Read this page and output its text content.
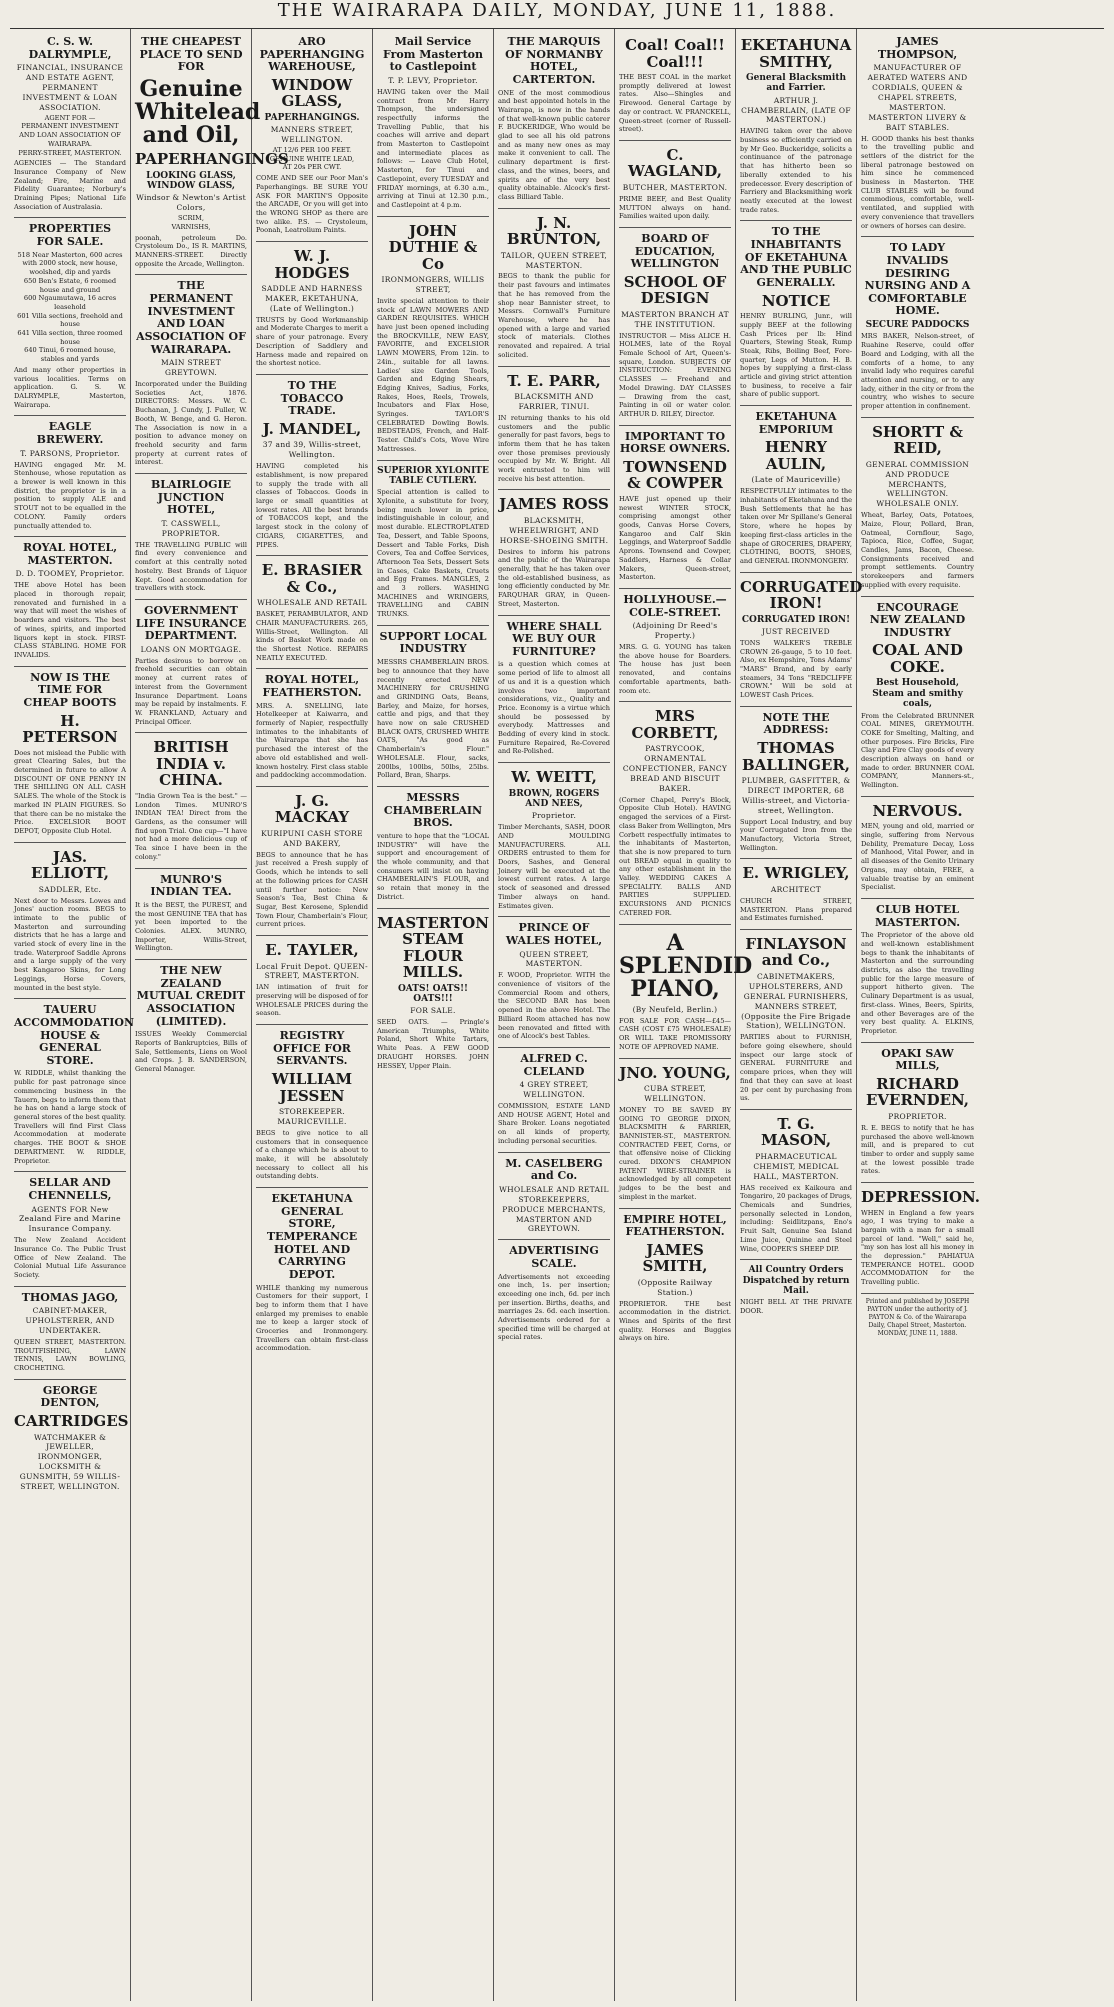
THE WAIRARAPA DAILY, MONDAY, JUNE 11, 1888.
C. S. W. DALRYMPLE,
FINANCIAL, INSURANCE AND ESTATE AGENT, PERMANENT INVESTMENT & LOAN ASSOCIATION.
AGENT FOR —
PERMANENT INVESTMENT AND LOAN ASSOCIATION OF WAIRARAPA.
PERRY-STREET, MASTERTON.
AGENCIES — The Standard Insurance Company of New Zealand; Fire, Marine and Fidelity Guarantee; Norbury's Draining Pipes; National Life Association of Australasia.
PROPERTIES FOR SALE.
518 Near Masterton, 600 acres with 2000 stock, new house, woolshed, dip and yards
650 Ben's Estate, 6 roomed house and ground
600 Ngaumutawa, 16 acres leasehold
601 Villa sections, freehold and house
641 Villa section, three roomed house
640 Tinui, 6 roomed house, stables and yards
And many other properties in various localities. Terms on application. G. S. W. DALRYMPLE, Masterton, Wairarapa.
EAGLE BREWERY.
T. PARSONS, Proprietor.
HAVING engaged Mr. M. Stenhouse, whose reputation as a brewer is well known in this district, the proprietor is in a position to supply ALE and STOUT not to be equalled in the COLONY. Family orders punctually attended to.
ROYAL HOTEL, MASTERTON.
D. D. TOOMEY, Proprietor.
THE above Hotel has been placed in thorough repair, renovated and furnished in a way that will meet the wishes of boarders and visitors. The best of wines, spirits, and imported liquors kept in stock. FIRST-CLASS STABLING. HOME FOR INVALIDS.
NOW IS THE TIME FOR CHEAP BOOTS
H. PETERSON
Does not mislead the Public with great Clearing Sales, but the determined in future to allow A DISCOUNT OF ONE PENNY IN THE SHILLING ON ALL CASH SALES. The whole of the Stock is marked IN PLAIN FIGURES. So that there can be no mistake the Price. EXCELSIOR BOOT DEPOT, Opposite Club Hotel.
JAS. ELLIOTT,
SADDLER, Etc.
Next door to Messrs. Lowes and Jones' auction rooms. BEGS to intimate to the public of Masterton and surrounding districts that he has a large and varied stock of every line in the trade. Waterproof Saddle Aprons and a large supply of the very best Kangaroo Skins, for Long Leggings, Horse Covers, mounted in the best style.
TAUERU ACCOMMODATION HOUSE & GENERAL STORE.
W. RIDDLE, whilst thanking the public for past patronage since commencing business in the Tauern, begs to inform them that he has on hand a large stock of general stores of the best quality. Travellers will find First Class Accommodation at moderate charges. THE BOOT & SHOE DEPARTMENT. W. RIDDLE, Proprietor.
SELLAR AND CHENNELLS,
AGENTS FOR New Zealand Fire and Marine Insurance Company.
The New Zealand Accident Insurance Co. The Public Trust Office of New Zealand. The Colonial Mutual Life Assurance Society.
THOMAS JAGO,
CABINET-MAKER, UPHOLSTERER, AND UNDERTAKER.
QUEEN STREET, MASTERTON. TROUTFISHING, LAWN TENNIS, LAWN BOWLING, CROCHETING.
GEORGE DENTON,
CARTRIDGES
WATCHMAKER & JEWELLER, IRONMONGER, LOCKSMITH & GUNSMITH, 59 WILLIS-STREET, WELLINGTON.
THE CHEAPEST PLACE TO SEND FOR
Genuine Whitelead and Oil,
PAPERHANGINGS
LOOKING GLASS, WINDOW GLASS,
Windsor & Newton's Artist Colors,
SCRIM,
VARNISHS,
poonah, petroleum Do. Crystoleum Do., IS R. MARTINS, MANNERS-STREET. Directly opposite the Arcade, Wellington.
THE PERMANENT INVESTMENT AND LOAN ASSOCIATION OF WAIRARAPA.
MAIN STREET GREYTOWN.
Incorporated under the Building Societies Act, 1876. DIRECTORS: Messrs. W. C. Buchanan, J. Cundy, J. Fuller, W. Booth, W. Benge, and G. Heron. The Association is now in a position to advance money on freehold security and farm property at current rates of interest.
BLAIRLOGIE JUNCTION HOTEL,
T. CASSWELL, PROPRIETOR.
THE TRAVELLING PUBLIC will find every convenience and comfort at this centrally noted hostelry. Best Brands of Liquor Kept. Good accommodation for travellers with stock.
GOVERNMENT LIFE INSURANCE DEPARTMENT.
LOANS ON MORTGAGE.
Parties desirous to borrow on freehold securities can obtain money at current rates of interest from the Government Insurance Department. Loans may be repaid by instalments. F. W. FRANKLAND, Actuary and Principal Officer.
BRITISH INDIA v. CHINA.
"India Grown Tea is the best." — London Times. MUNRO'S INDIAN TEA! Direct from the Gardens, as the consumer will find upon Trial. One cup—"I have not had a more delicious cup of Tea since I have been in the colony."
MUNRO'S INDIAN TEA.
It is the BEST, the PUREST, and the most GENUINE TEA that has yet been imported to the Colonies. ALEX. MUNRO, Importer, Willis-Street, Wellington.
THE NEW ZEALAND MUTUAL CREDIT ASSOCIATION (LIMITED).
ISSUES Weekly Commercial Reports of Bankruptcies, Bills of Sale, Settlements, Liens on Wool and Crops. J. B. SANDERSON, General Manager.
ARO PAPERHANGING WAREHOUSE,
WINDOW GLASS,
PAPERHANGINGS.
MANNERS STREET, WELLINGTON.
AT 12/6 PER 100 FEET.
GENUINE WHITE LEAD,
AT 20s PER CWT.
COME AND SEE our Poor Man's Paperhangings. BE SURE YOU ASK FOR MARTIN'S Opposite the ARCADE, Or you will get into the WRONG SHOP as there are two alike. P.S. — Crystoleum, Poonah, Leatrolium Paints.
W. J. HODGES
SADDLE AND HARNESS MAKER, EKETAHUNA, (Late of Wellington.)
TRUSTS by Good Workmanship and Moderate Charges to merit a share of your patronage. Every Description of Saddlery and Harness made and repaired on the shortest notice.
TO THE TOBACCO TRADE.
J. MANDEL,
37 and 39, Willis-street, Wellington.
HAVING completed his establishment, is now prepared to supply the trade with all classes of Tobaccos. Goods in large or small quantities at lowest rates. All the best brands of TOBACCOS kept, and the largest stock in the colony of CIGARS, CIGARETTES, and PIPES.
E. BRASIER & Co.,
WHOLESALE AND RETAIL
BASKET, PERAMBULATOR, AND CHAIR MANUFACTURERS. 265, Willis-Street, Wellington. All kinds of Basket Work made on the Shortest Notice. REPAIRS NEATLY EXECUTED.
ROYAL HOTEL, FEATHERSTON.
MRS. A. SNELLING, late Hotelkeeper at Kaiwarra, and formerly of Napier, respectfully intimates to the inhabitants of the Wairarapa that she has purchased the interest of the above old established and well-known hostelry. First class stable and paddocking accommodation.
J. G. MACKAY
KURIPUNI CASH STORE AND BAKERY,
BEGS to announce that he has just received a Fresh supply of Goods, which he intends to sell at the following prices for CASH until further notice: New Season's Tea, Best China & Sugar, Best Kerosene, Splendid Town Flour, Chamberlain's Flour, current prices.
E. TAYLER,
Local Fruit Depot. QUEEN-STREET, MASTERTON.
IAN intimation of fruit for preserving will be disposed of for WHOLESALE PRICES during the season.
REGISTRY OFFICE FOR SERVANTS.
WILLIAM JESSEN
STOREKEEPER. MAURICEVILLE.
BEGS to give notice to all customers that in consequence of a change which he is about to make, it will be absolutely necessary to collect all his outstanding debts.
EKETAHUNA GENERAL STORE, TEMPERANCE HOTEL AND CARRYING DEPOT.
WHILE thanking my numerous Customers for their support, I beg to inform them that I have enlarged my premises to enable me to keep a larger stock of Groceries and Ironmongery. Travellers can obtain first-class accommodation.
Mail Service From Masterton to Castlepoint
T. P. LEVY, Proprietor.
HAVING taken over the Mail contract from Mr Harry Thompson, the undersigned respectfully informs the Travelling Public, that his coaches will arrive and depart from Masterton to Castlepoint and intermediate places as follows: — Leave Club Hotel, Masterton, for Tinui and Castlepoint, every TUESDAY and FRIDAY mornings, at 6.30 a.m., arriving at Tinui at 12.30 p.m., and Castlepoint at 4 p.m.
JOHN DUTHIE & Co
IRONMONGERS, WILLIS STREET,
Invite special attention to their stock of LAWN MOWERS AND GARDEN REQUISITES. WHICH have just been opened including the BROCKVILLE, NEW EASY, FAVORITE, and EXCELSIOR LAWN MOWERS, From 12in. to 24in., suitable for all lawns. Ladies' size Garden Tools, Garden and Edging Shears, Edging Knives, Sadius, Forks, Rakes, Hoes, Reels, Trowels, Incubators and Flax Hose, Syringes. TAYLOR'S CELEBRATED Dowling Bowls. BEDSTEADS, French, and Half-Tester. Child's Cots, Wove Wire Mattresses.
SUPERIOR XYLONITE TABLE CUTLERY.
Special attention is called to Xylonite, a substitute for Ivory, being much lower in price, indistinguishable in colour, and most durable. ELECTROPLATED Tea, Dessert, and Table Spoons, Dessert and Table Forks, Dish Covers, Tea and Coffee Services, Afternoon Tea Sets, Dessert Sets in Cases, Cake Baskets, Cruets and Egg Frames. MANGLES, 2 and 3 rollers. WASHING MACHINES and WRINGERS, TRAVELLING and CABIN TRUNKS.
SUPPORT LOCAL INDUSTRY
MESSRS CHAMBERLAIN BROS. beg to announce that they have recently erected NEW MACHINERY for CRUSHING and GRINDING Oats, Beans, Barley, and Maize, for horses, cattle and pigs, and that they have now on sale CRUSHED BLACK OATS, CRUSHED WHITE OATS, "As good as Chamberlain's Flour." WHOLESALE. Flour, sacks, 200lbs, 100lbs, 50lbs, 25lbs. Pollard, Bran, Sharps.
MESSRS CHAMBERLAIN BROS.
venture to hope that the "LOCAL INDUSTRY" will have the support and encouragement of the whole community, and that consumers will insist on having CHAMBERLAIN'S FLOUR, and so retain that money in the District.
MASTERTON STEAM FLOUR MILLS.
OATS! OATS!! OATS!!!
FOR SALE.
SEED OATS. — Pringle's American Triumphs, White Poland, Short White Tartars, White Peas. A FEW GOOD DRAUGHT HORSES. JOHN HESSEY, Upper Plain.
THE MARQUIS OF NORMANBY HOTEL, CARTERTON.
ONE of the most commodious and best appointed hotels in the Wairarapa, is now in the hands of that well-known public caterer F. BUCKERIDGE, Who would be glad to see all his old patrons and as many new ones as may make it convenient to call. The culinary department is first-class, and the wines, beers, and spirits are of the very best quality obtainable. Alcock's first-class Billiard Table.
J. N. BRUNTON,
TAILOR, QUEEN STREET, MASTERTON.
BEGS to thank the public for their past favours and intimates that he has removed from the shop near Bannister street, to Messrs. Cornwall's Furniture Warehouse, where he has opened with a large and varied stock of materials. Clothes renovated and repaired. A trial solicited.
T. E. PARR,
BLACKSMITH AND FARRIER, TINUI.
IN returning thanks to his old customers and the public generally for past favors, begs to inform them that he has taken over those premises previously occupied by Mr. W. Bright. All work entrusted to him will receive his best attention.
JAMES ROSS
BLACKSMITH, WHEELWRIGHT, AND HORSE-SHOEING SMITH.
Desires to inform his patrons and the public of the Wairarapa generally, that he has taken over the old-established business, as long efficiently conducted by Mr. FARQUHAR GRAY, in Queen-Street, Masterton.
WHERE SHALL WE BUY OUR FURNITURE?
is a question which comes at some period of life to almost all of us and it is a question which involves two important considerations, viz., Quality and Price. Economy is a virtue which should be possessed by everybody. Mattresses and Bedding of every kind in stock. Furniture Repaired, Re-Covered and Re-Polished.
W. WEITT,
BROWN, ROGERS AND NEES,
Proprietor.
Timber Merchants, SASH, DOOR AND MOULDING MANUFACTURERS. ALL ORDERS entrusted to them for Doors, Sashes, and General Joinery will be executed at the lowest current rates. A large stock of seasoned and dressed Timber always on hand. Estimates given.
PRINCE OF WALES HOTEL,
QUEEN STREET, MASTERTON.
F. WOOD, Proprietor. WITH the convenience of visitors of the Commercial Room and others, the SECOND BAR has been opened in the above Hotel. The Billiard Room attached has now been renovated and fitted with one of Alcock's best Tables.
ALFRED C. CLELAND
4 GREY STREET, WELLINGTON.
COMMISSION, ESTATE LAND AND HOUSE AGENT, Hotel and Share Broker. Loans negotiated on all kinds of property, including personal securities.
M. CASELBERG and Co.
WHOLESALE AND RETAIL STOREKEEPERS, PRODUCE MERCHANTS, MASTERTON AND GREYTOWN.
ADVERTISING SCALE.
Advertisements not exceeding one inch, 1s. per insertion; exceeding one inch, 6d. per inch per insertion. Births, deaths, and marriages 2s. 6d. each insertion. Advertisements ordered for a specified time will be charged at special rates.
Coal! Coal!! Coal!!!
THE BEST COAL in the market promptly delivered at lowest rates. Also—Shingles and Firewood. General Cartage by day or contract. W. PRANCKELL, Queen-street (corner of Russell-street).
C. WAGLAND,
BUTCHER, MASTERTON.
PRIME BEEF, and Best Quality MUTTON always on hand. Families waited upon daily.
BOARD OF EDUCATION, WELLINGTON
SCHOOL OF DESIGN
MASTERTON BRANCH AT THE INSTITUTION.
INSTRUCTOR — Miss ALICE H. HOLMES, late of the Royal Female School of Art, Queen's-square, London. SUBJECTS OF INSTRUCTION: EVENING CLASSES — Freehand and Model Drawing. DAY CLASSES — Drawing from the cast, Painting in oil or water color. ARTHUR D. RILEY, Director.
IMPORTANT TO HORSE OWNERS.
TOWNSEND & COWPER
HAVE just opened up their newest WINTER STOCK, comprising amongst other goods, Canvas Horse Covers, Kangaroo and Calf Skin Leggings, and Waterproof Saddle Aprons. Townsend and Cowper, Saddlers, Harness & Collar Makers, Queen-street, Masterton.
HOLLYHOUSE.—COLE-STREET.
(Adjoining Dr Reed's Property.)
MRS. G. G. YOUNG has taken the above house for Boarders. The house has just been renovated, and contains comfortable apartments, bath-room etc.
MRS CORBETT,
PASTRYCOOK, ORNAMENTAL CONFECTIONER, FANCY BREAD AND BISCUIT BAKER.
(Corner Chapel, Perry's Block, Opposite Club Hotel). HAVING engaged the services of a First-class Baker from Wellington, Mrs Corbett respectfully intimates to the inhabitants of Masterton, that she is now prepared to turn out BREAD equal in quality to any other establishment in the Valley. WEDDING CAKES A SPECIALITY. BALLS AND PARTIES SUPPLIED. EXCURSIONS AND PICNICS CATERED FOR.
A SPLENDID PIANO,
(By Neufeld, Berlin.)
FOR SALE FOR CASH—£45—CASH (COST £75 WHOLESALE) OR WILL TAKE PROMISSORY NOTE OF APPROVED NAME.
JNO. YOUNG,
CUBA STREET, WELLINGTON.
MONEY TO BE SAVED BY GOING TO GEORGE DIXON, BLACKSMITH & FARRIER, BANNISTER-ST., MASTERTON. CONTRACTED FEET, Corns, or that offensive noise of Clicking cured. DIXON'S CHAMPION PATENT WIRE-STRAINER is acknowledged by all competent judges to be the best and simplest in the market.
EMPIRE HOTEL, FEATHERSTON.
JAMES SMITH,
(Opposite Railway Station.)
PROPRIETOR. THE best accommodation in the district. Wines and Spirits of the first quality. Horses and Buggies always on hire.
EKETAHUNA SMITHY,
General Blacksmith and Farrier.
ARTHUR J. CHAMBERLAIN, (LATE OF MASTERTON.)
HAVING taken over the above business so efficiently carried on by Mr Geo. Buckeridge, solicits a continuance of the patronage that has hitherto been so liberally extended to his predecessor. Every description of Farriery and Blacksmithing work neatly executed at the lowest trade rates.
TO THE INHABITANTS OF EKETAHUNA AND THE PUBLIC GENERALLY.
NOTICE
HENRY BURLING, Junr., will supply BEEF at the following Cash Prices per lb: Hind Quarters, Stewing Steak, Rump Steak, Ribs, Boiling Beef, Fore-quarter, Legs of Mutton. H. B. hopes by supplying a first-class article and giving strict attention to business, to receive a fair share of public support.
EKETAHUNA EMPORIUM
HENRY AULIN,
(Late of Mauriceville)
RESPECTFULLY intimates to the inhabitants of Eketahuna and the Bush Settlements that he has taken over Mr Spillane's General Store, where he hopes by keeping first-class articles in the shape of GROCERIES, DRAPERY, CLOTHING, BOOTS, SHOES, and GENERAL IRONMONGERY.
CORRUGATED IRON!
CORRUGATED IRON!
JUST RECEIVED
TONS WALKER'S TREBLE CROWN 26-gauge, 5 to 10 feet. Also, ex Hempshire, Tons Adams' "MARS" Brand, and by early steamers, 34 Tons "REDCLIFFE CROWN." Will be sold at LOWEST Cash Prices.
NOTE THE ADDRESS:
THOMAS BALLINGER,
PLUMBER, GASFITTER, & DIRECT IMPORTER, 68 Willis-street, and Victoria-street, Wellington.
Support Local Industry, and buy your Corrugated Iron from the Manufactory, Victoria Street, Wellington.
E. WRIGLEY,
ARCHITECT
CHURCH STREET, MASTERTON. Plans prepared and Estimates furnished.
FINLAYSON and Co.,
CABINETMAKERS, UPHOLSTERERS, AND GENERAL FURNISHERS, MANNERS STREET, (Opposite the Fire Brigade Station), WELLINGTON.
PARTIES about to FURNISH, before going elsewhere, should inspect our large stock of GENERAL FURNITURE and compare prices, when they will find that they can save at least 20 per cent by purchasing from us.
T. G. MASON,
PHARMACEUTICAL CHEMIST, MEDICAL HALL, MASTERTON.
HAS received ex Kaikoura and Tongariro, 20 packages of Drugs, Chemicals and Sundries, personally selected in London, including: Seidlitzpans, Eno's Fruit Salt, Genuine Sea Island Lime Juice, Quinine and Steel Wine, COOPER'S SHEEP DIP.
All Country Orders Dispatched by return Mail.
NIGHT BELL AT THE PRIVATE DOOR.
JAMES THOMPSON,
MANUFACTURER OF AERATED WATERS AND CORDIALS, QUEEN & CHAPEL STREETS, MASTERTON. MASTERTON LIVERY & BAIT STABLES.
H. GOOD thanks his best thanks to the travelling public and settlers of the district for the liberal patronage bestowed on him since he commenced business in Masterton. THE CLUB STABLES will be found commodious, comfortable, well-ventilated, and supplied with every convenience that travellers or owners of horses can desire.
TO LADY INVALIDS DESIRING NURSING AND A COMFORTABLE HOME.
SECURE PADDOCKS
MRS BAKER, Nelson-street, of Ruahine Reserve, could offer Board and Lodging, with all the comforts of a home, to any invalid lady who requires careful attention and nursing, or to any lady, either in the city or from the country, who wishes to secure proper attention in confinement.
SHORTT & REID,
GENERAL COMMISSION AND PRODUCE MERCHANTS, WELLINGTON. WHOLESALE ONLY.
Wheat, Barley, Oats, Potatoes, Maize, Flour, Pollard, Bran, Oatmeal, Cornflour, Sago, Tapioca, Rice, Coffee, Sugar, Candles, Jams, Bacon, Cheese. Consignments received and prompt settlements. Country storekeepers and farmers supplied with every requisite.
ENCOURAGE NEW ZEALAND INDUSTRY
COAL AND COKE.
Best Household, Steam and smithy coals,
From the Celebrated BRUNNER COAL MINES, GREYMOUTH. COKE for Smelting, Malting, and other purposes. Fire Bricks, Fire Clay and Fire Clay goods of every description always on hand or made to order. BRUNNER COAL COMPANY, Manners-st., Wellington.
NERVOUS.
MEN, young and old, married or single, suffering from Nervous Debility, Premature Decay, Loss of Manhood, Vital Power, and in all diseases of the Genito Urinary Organs, may obtain, FREE, a valuable treatise by an eminent Specialist.
CLUB HOTEL MASTERTON.
The Proprietor of the above old and well-known establishment begs to thank the inhabitants of Masterton and the surrounding districts, as also the travelling public for the large measure of support hitherto given. The Culinary Department is as usual, first-class. Wines, Beers, Spirits, and other Beverages are of the very best quality. A. ELKINS, Proprietor.
OPAKI SAW MILLS,
RICHARD EVERNDEN,
PROPRIETOR.
R. E. BEGS to notify that he has purchased the above well-known mill, and is prepared to cut timber to order and supply same at the lowest possible trade rates.
DEPRESSION.
WHEN in England a few years ago, I was trying to make a bargain with a man for a small parcel of land. "Well," said he, "my son has lost all his money in the depression." PAHIATUA TEMPERANCE HOTEL. GOOD ACCOMMODATION for the Travelling public.
Printed and published by JOSEPH PAYTON under the authority of J. PAYTON & Co. of the Wairarapa Daily, Chapel Street, Masterton. MONDAY, JUNE 11, 1888.
